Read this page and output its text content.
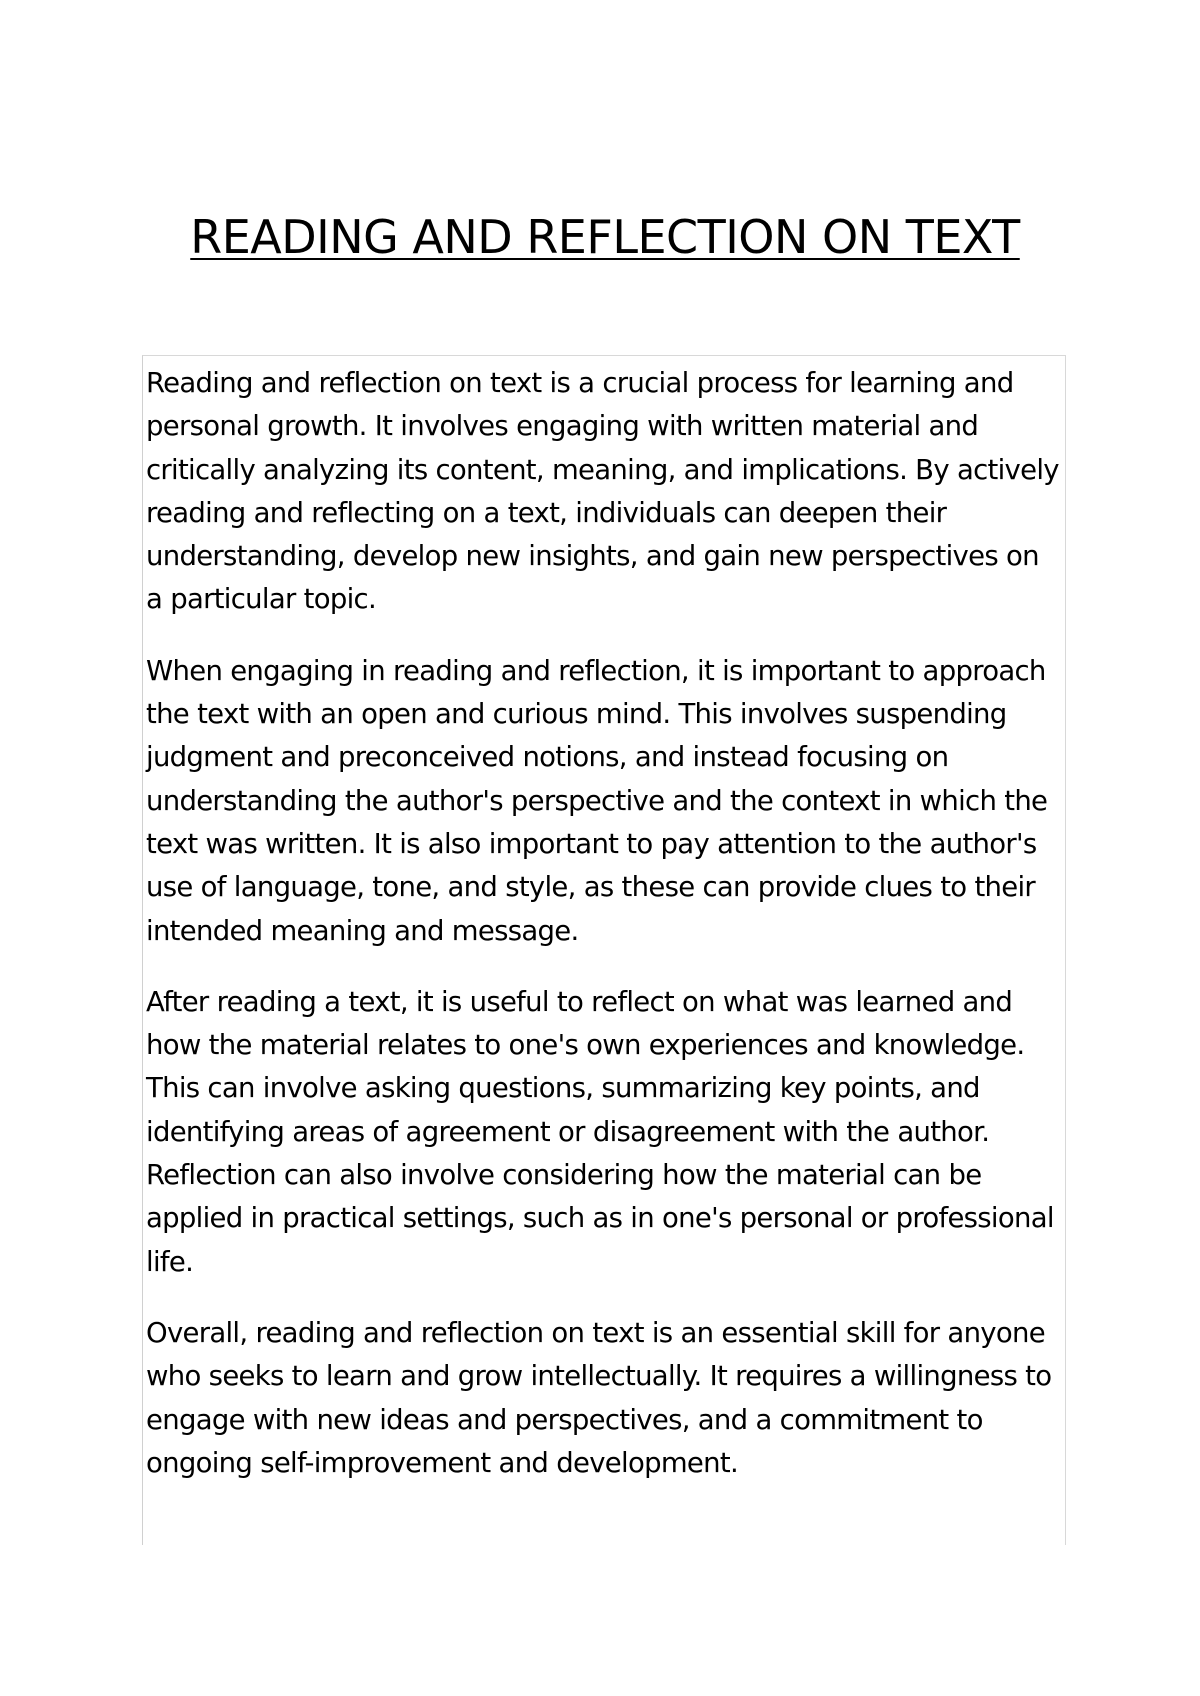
READING AND REFLECTION ON TEXT

Reading and reflection on text is a crucial process for learning and personal growth. It involves engaging with written material and critically analyzing its content, meaning, and implications. By actively reading and reflecting on a text, individuals can deepen their understanding, develop new insights, and gain new perspectives on a particular topic.

When engaging in reading and reflection, it is important to approach the text with an open and curious mind. This involves suspending judgment and preconceived notions, and instead focusing on understanding the author's perspective and the context in which the text was written. It is also important to pay attention to the author's use of language, tone, and style, as these can provide clues to their intended meaning and message.

After reading a text, it is useful to reflect on what was learned and how the material relates to one's own experiences and knowledge. This can involve asking questions, summarizing key points, and identifying areas of agreement or disagreement with the author. Reflection can also involve considering how the material can be applied in practical settings, such as in one's personal or professional life.

Overall, reading and reflection on text is an essential skill for anyone who seeks to learn and grow intellectually. It requires a willingness to engage with new ideas and perspectives, and a commitment to ongoing self-improvement and development.
